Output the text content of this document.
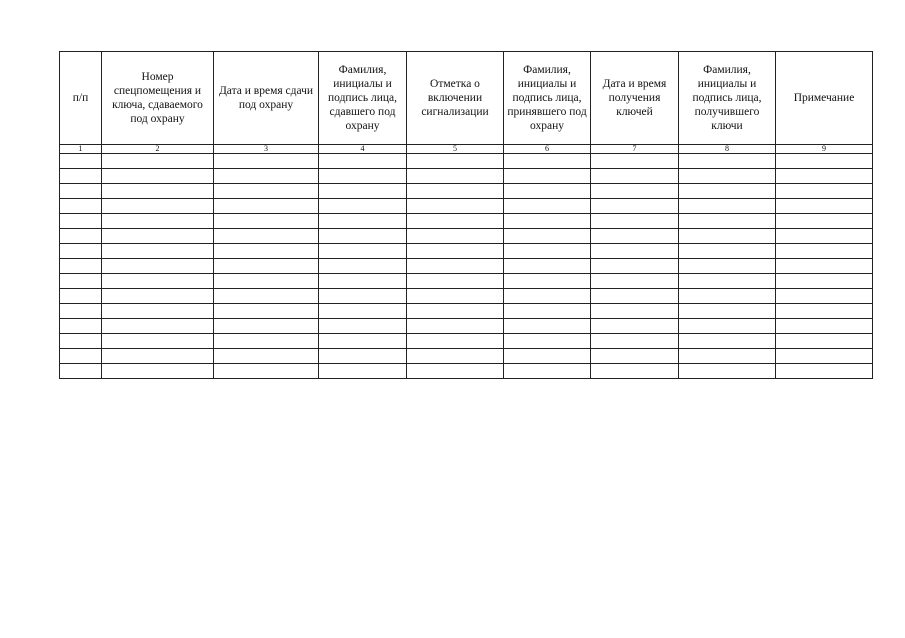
п/п	Номер спецпомещения и ключа, сдаваемого под охрану	Дата и время сдачи под охрану	Фамилия, инициалы и подпись лица, сдавшего под охрану	Отметка о включении сигнализации	Фамилия, инициалы и подпись лица, принявшего под охрану	Дата и время получения ключей	Фамилия, инициалы и подпись лица, получившего ключи	Примечание
1	2	3	4	5	6	7	8	9
